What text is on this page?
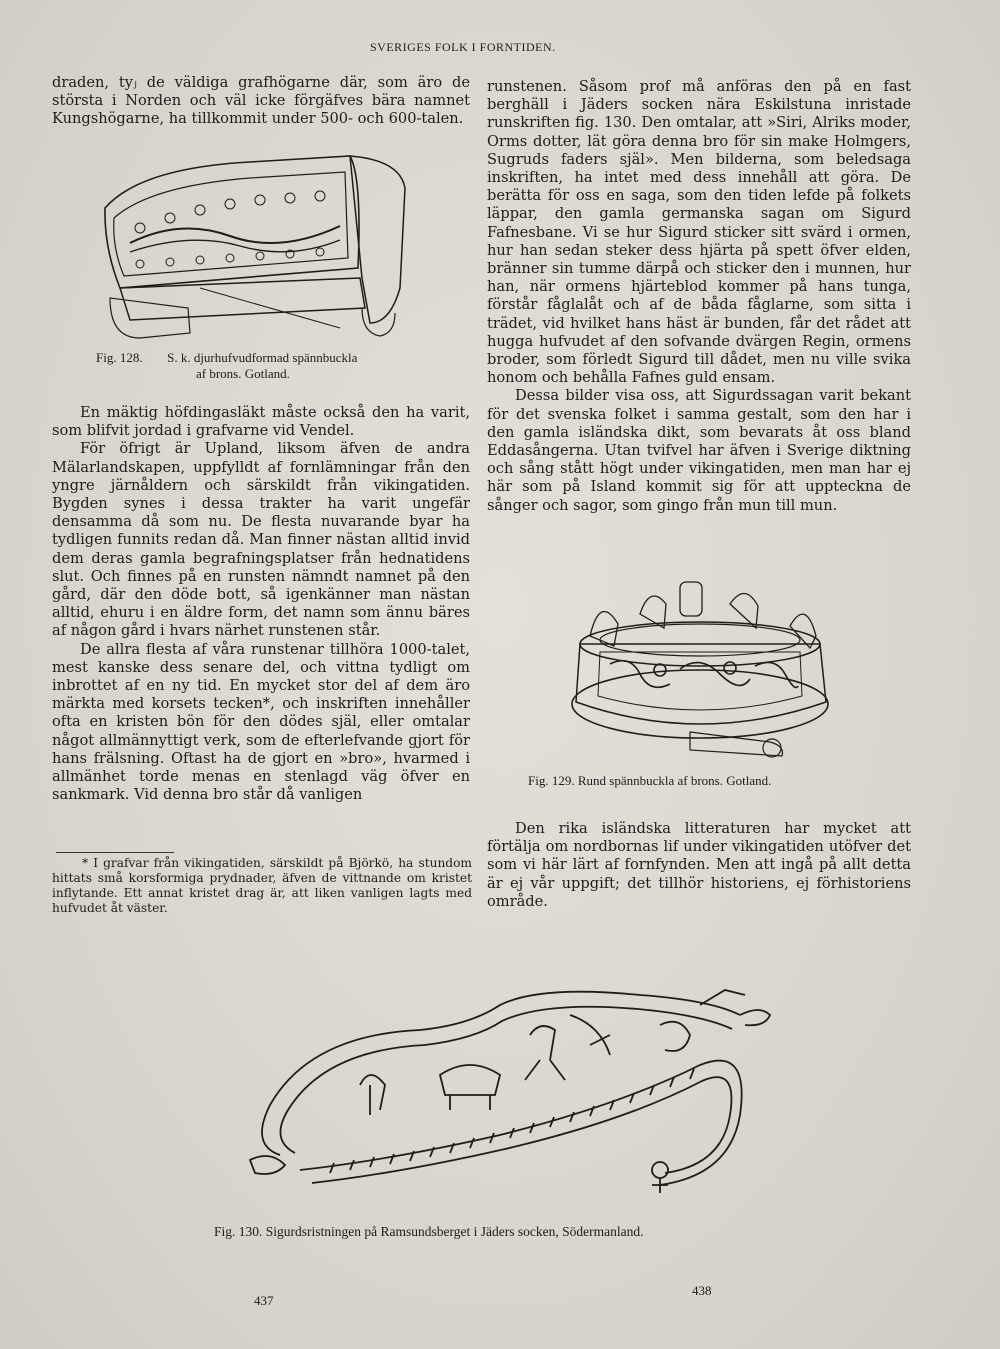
SVERIGES FOLK I FORNTIDEN.
draden, tyⱼ de väldiga grafhögarne där, som äro de
största i Norden och väl icke förgäfves bära namnet
Kungshögarne, ha tillkommit under 500- och 600-talen.
Fig. 128. S. k. djurhufvudformad spännbuckla
af brons. Gotland.

En mäktig höfdingasläkt måste också den ha varit, som blifvit jordad i grafvarne vid Vendel.

För öfrigt är Upland, liksom äfven de andra Mälarlandskapen, uppfylldt af fornlämningar från den yngre järnåldern och särskildt från vikingatiden. Bygden synes i dessa trakter ha varit ungefär densamma då som nu. De flesta nuvarande byar ha tydligen funnits redan då. Man finner nästan alltid invid dem deras gamla begrafningsplatser från hednatidens slut. Och finnes på en runsten nämndt namnet på den gård, där den döde bott, så igenkänner man nästan alltid, ehuru i en äldre form, det namn som ännu bäres af någon gård i hvars närhet runstenen står.

De allra flesta af våra runstenar tillhöra 1000-talet, mest kanske dess senare del, och vittna tydligt om inbrottet af en ny tid. En mycket stor del af dem äro märkta med korsets tecken*, och inskriften innehåller ofta en kristen bön för den dödes själ, eller omtalar något allmännyttigt verk, som de efterlefvande gjort för hans frälsning. Oftast ha de gjort en »bro», hvarmed i allmänhet torde menas en stenlagd väg öfver en sankmark. Vid denna bro står då vanligen

* I grafvar från vikingatiden, särskildt på Björkö, ha stundom hittats små korsformiga prydnader, äfven de vittnande om kristet inflytande. Ett annat kristet drag är, att liken vanligen lagts med hufvudet åt väster.

runstenen. Såsom prof må anföras den på en fast berghäll i Jäders socken nära Eskilstuna inristade runskriften fig. 130. Den omtalar, att »Siri, Alriks moder, Orms dotter, lät göra denna bro för sin make Holmgers, Sugruds faders själ». Men bilderna, som beledsaga inskriften, ha intet med dess innehåll att göra. De berätta för oss en saga, som den tiden lefde på folkets läppar, den gamla germanska sagan om Sigurd Fafnesbane. Vi se hur Sigurd sticker sitt svärd i ormen, hur han sedan steker dess hjärta på spett öfver elden, bränner sin tumme därpå och sticker den i munnen, hur han, när ormens hjärteblod kommer på hans tunga, förstår fåglalåt och af de båda fåglarne, som sitta i trädet, vid hvilket hans häst är bunden, får det rådet att hugga hufvudet af den sofvande dvärgen Regin, ormens broder, som förledt Sigurd till dådet, men nu ville svika honom och behålla Fafnes guld ensam.

Dessa bilder visa oss, att Sigurdssagan varit bekant för det svenska folket i samma gestalt, som den har i den gamla isländska dikt, som bevarats åt oss bland Eddasångerna. Utan tvifvel har äfven i Sverige diktning och sång stått högt under vikingatiden, men man har ej här som på Island kommit sig för att uppteckna de sånger och sagor, som gingo från mun till mun.

Fig. 129. Rund spännbuckla af brons. Gotland.

Den rika isländska litteraturen har mycket att förtälja om nordbornas lif under vikingatiden utöfver det som vi här lärt af fornfynden. Men att ingå på allt detta är ej vår uppgift; det tillhör historiens, ej förhistoriens område.

Fig. 130. Sigurdsristningen på Ramsundsberget i Jäders socken, Södermanland.
437
438
